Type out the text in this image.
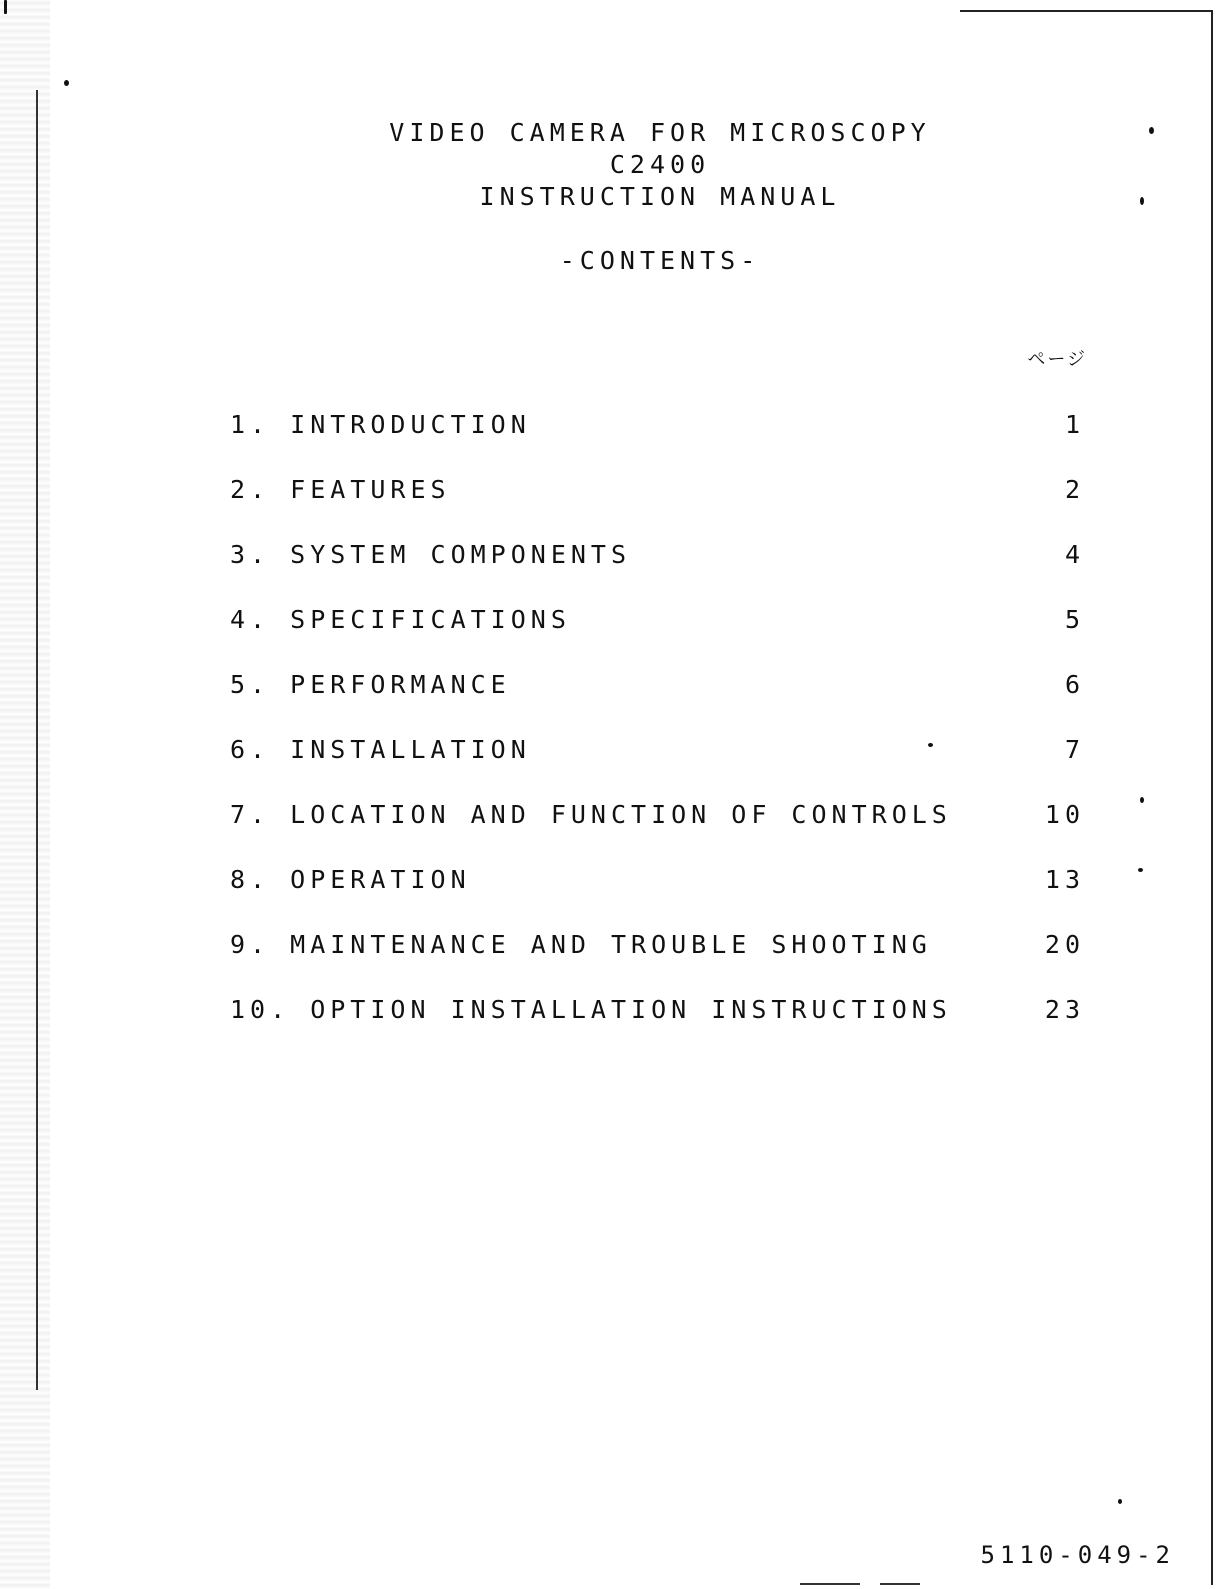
VIDEO CAMERA FOR MICROSCOPY
C2400
INSTRUCTION MANUAL
-CONTENTS-
ページ
1. INTRODUCTION	1
2. FEATURES	2
3. SYSTEM COMPONENTS	4
4. SPECIFICATIONS	5
5. PERFORMANCE	6
6. INSTALLATION	7
7. LOCATION AND FUNCTION OF CONTROLS	10
8. OPERATION	13
9. MAINTENANCE AND TROUBLE SHOOTING	20
10. OPTION INSTALLATION INSTRUCTIONS	23
5110-049-2
